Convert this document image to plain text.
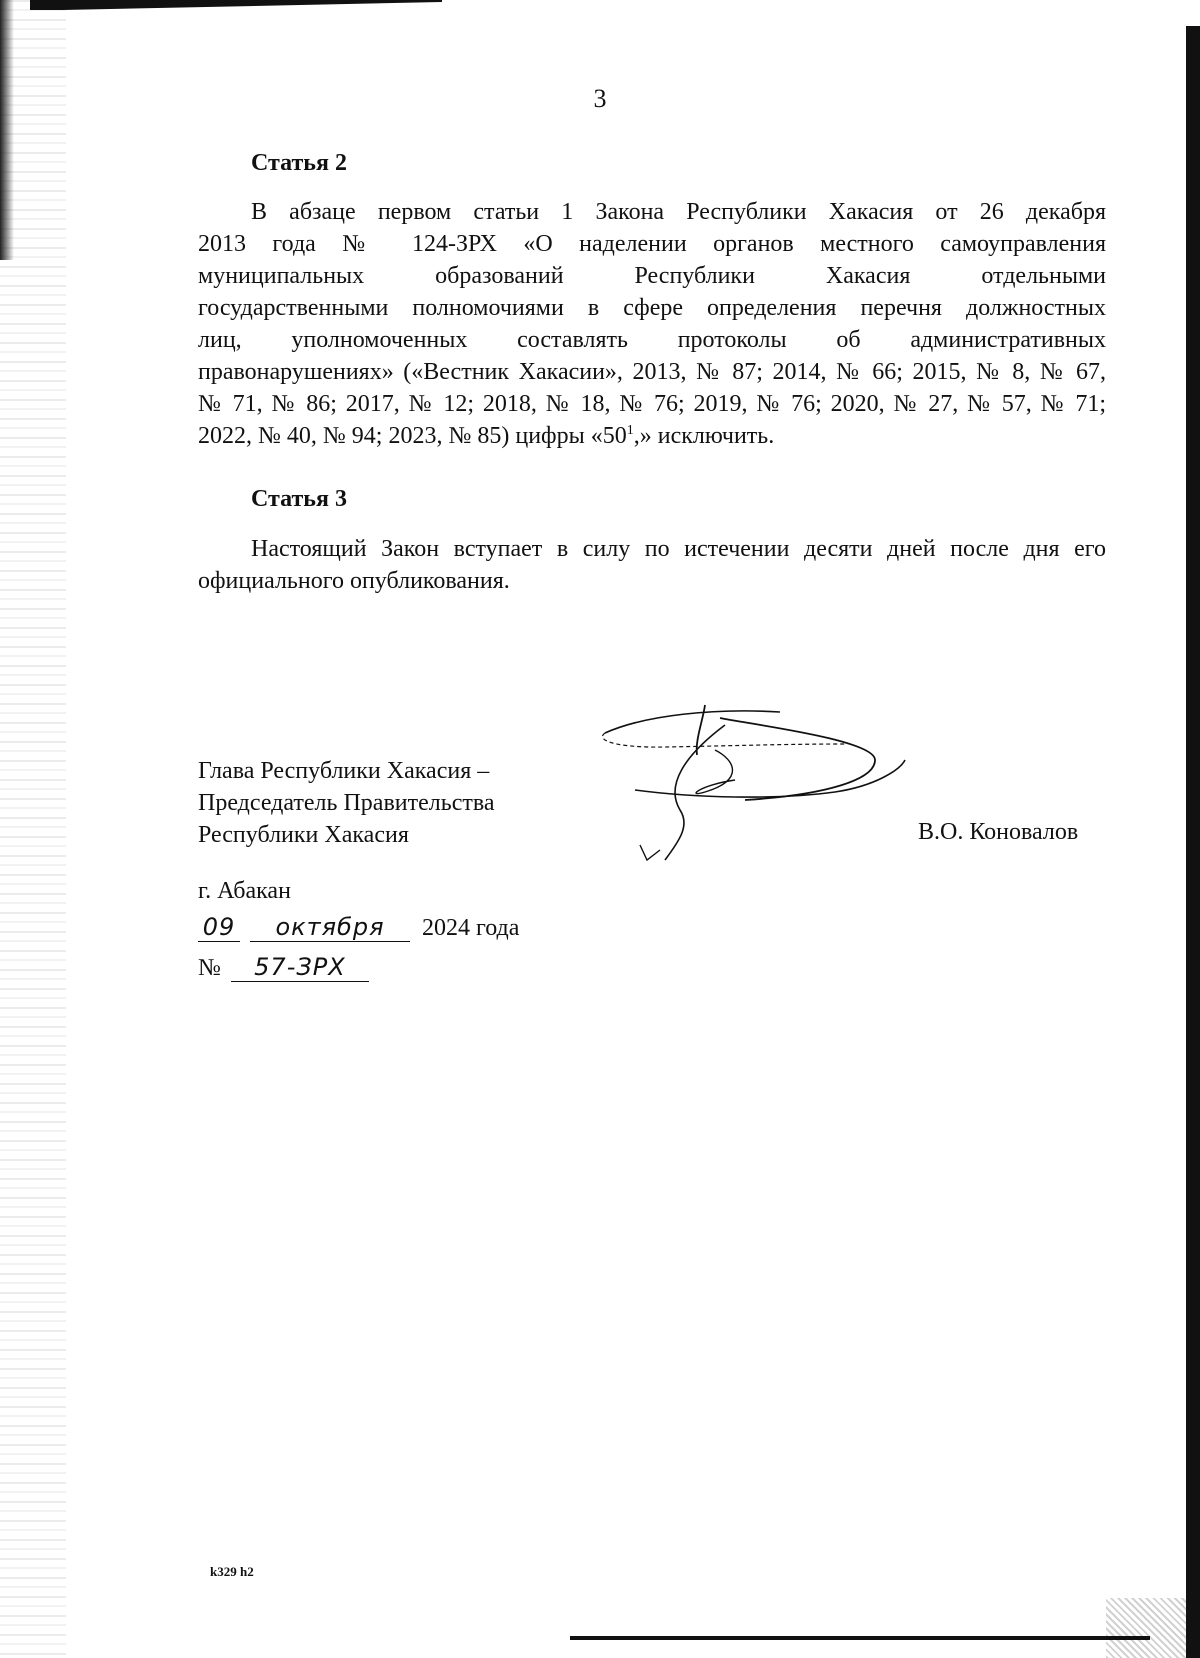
3
Статья 2
В абзаце первом статьи 1 Закона Республики Хакасия от 26 декабря
2013 года № 124-ЗРХ «О наделении органов местного самоуправления
муниципальных образований Республики Хакасия отдельными
государственными полномочиями в сфере определения перечня должностных
лиц, уполномоченных составлять протоколы об административных
правонарушениях» («Вестник Хакасии», 2013, № 87; 2014, № 66; 2015, № 8, № 67,
№ 71, № 86; 2017, № 12; 2018, № 18, № 76; 2019, № 76; 2020, № 27, № 57, № 71;
2022, № 40, № 94; 2023, № 85) цифры «$50^1$,» исключить.
Статья 3
Настоящий Закон вступает в силу по истечении десяти дней после дня его
официального опубликования.
Глава Республики Хакасия –
Председатель Правительства
Республики Хакасия	В.О. Коновалов
г. Абакан
09 октября 2024 года
№ 57-ЗРХ
k329 h2
